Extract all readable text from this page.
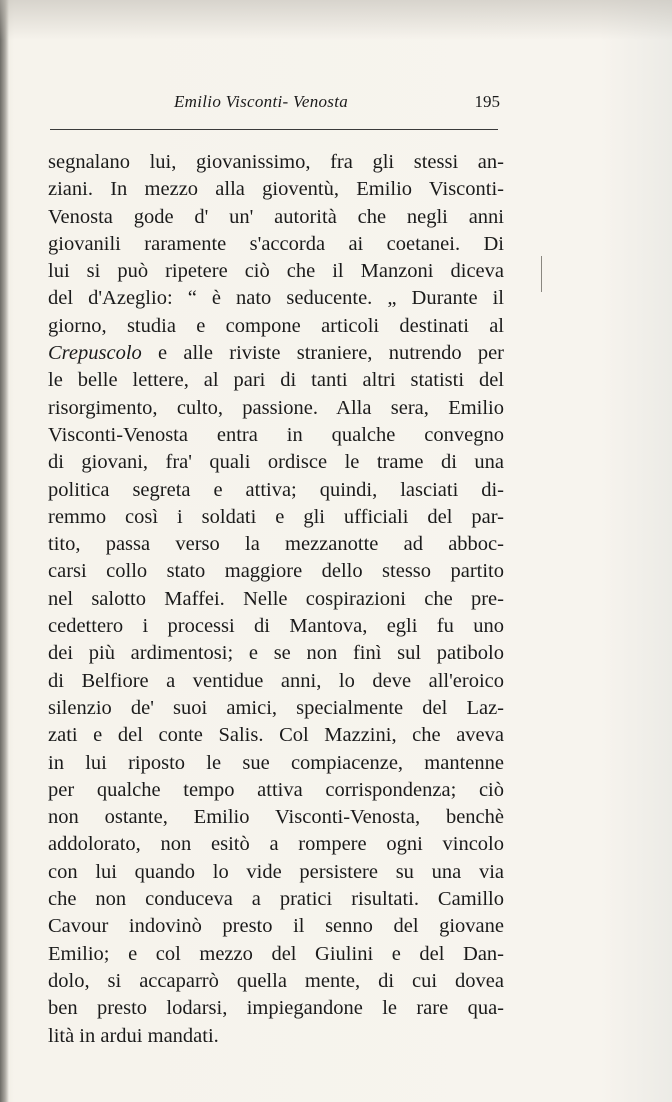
Emilio Visconti- Venosta	195
segnalano lui, giovanissimo, fra gli stessi an-
ziani. In mezzo alla gioventù, Emilio Visconti-
Venosta gode d' un' autorità che negli anni
giovanili raramente s'accorda ai coetanei. Di
lui si può ripetere ciò che il Manzoni diceva
del d'Azeglio: “ è nato seducente. „ Durante il
giorno, studia e compone articoli destinati al
Crepuscolo e alle riviste straniere, nutrendo per
le belle lettere, al pari di tanti altri statisti del
risorgimento, culto, passione. Alla sera, Emilio
Visconti-Venosta entra in qualche convegno
di giovani, fra' quali ordisce le trame di una
politica segreta e attiva; quindi, lasciati di-
remmo così i soldati e gli ufficiali del par-
tito, passa verso la mezzanotte ad abboc-
carsi collo stato maggiore dello stesso partito
nel salotto Maffei. Nelle cospirazioni che pre-
cedettero i processi di Mantova, egli fu uno
dei più ardimentosi; e se non finì sul patibolo
di Belfiore a ventidue anni, lo deve all'eroico
silenzio de' suoi amici, specialmente del Laz-
zati e del conte Salis. Col Mazzini, che aveva
in lui riposto le sue compiacenze, mantenne
per qualche tempo attiva corrispondenza; ciò
non ostante, Emilio Visconti-Venosta, benchè
addolorato, non esitò a rompere ogni vincolo
con lui quando lo vide persistere su una via
che non conduceva a pratici risultati. Camillo
Cavour indovinò presto il senno del giovane
Emilio; e col mezzo del Giulini e del Dan-
dolo, si accaparrò quella mente, di cui dovea
ben presto lodarsi, impiegandone le rare qua-
lità in ardui mandati.
